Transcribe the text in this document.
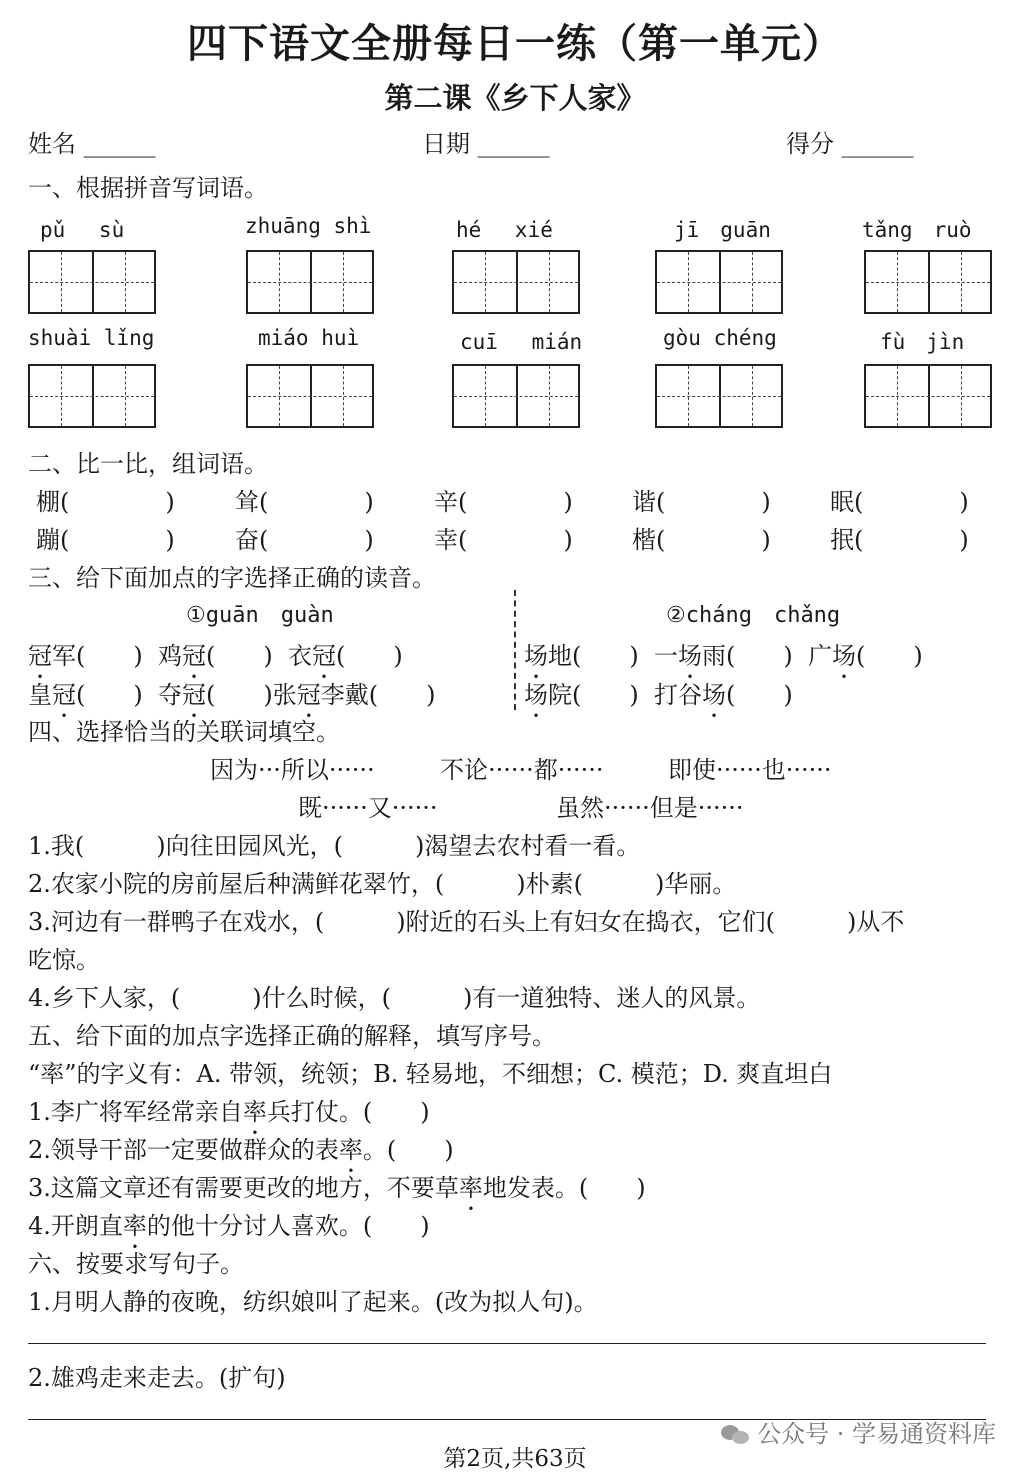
四下语文全册每日一练（第一单元）
第二课《乡下人家》
姓名 ______	日期 ______	得分 ______
一、根据拼音写词语。
pǔ　 sù	zhuāng shì	hé　 xié	jī　guān	tǎng　ruò
shuài lǐng	miáo huì	cuī　 mián	gòu chéng	fù　jìn
二、比一比，组词语。
棚(　　　　)	耸(　　　　)	辛(　　　　) 谐(　　　　) 眠(　　　　)
蹦(　　　　)	奋(　　　　)	幸(　　　　) 楷(　　　　) 抿(　　　　)
三、给下面加点的字选择正确的读音。
①guān　guàn	②cháng　chǎng
冠军(　　) 鸡冠(　　) 衣冠(　　)
皇冠(　　) 夺冠(　　)张冠李戴(　　)
场地(　　) 一场雨(　　) 广场(　　)
场院(　　) 打谷场(　　)
四、选择恰当的关联词填空。
因为···所以······	不论······都······	即使······也······
既······又······	虽然······但是······
1.我(　　　)向往田园风光，(　　　)渴望去农村看一看。
2.农家小院的房前屋后种满鲜花翠竹，(　　　)朴素(　　　)华丽。
3.河边有一群鸭子在戏水，(　　　)附近的石头上有妇女在捣衣，它们(　　　)从不
吃惊。
4.乡下人家，(　　　)什么时候，(　　　)有一道独特、迷人的风景。
五、给下面的加点字选择正确的解释，填写序号。
“率”的字义有：A. 带领，统领；B. 轻易地，不细想；C. 模范；D. 爽直坦白
1.李广将军经常亲自率兵打仗。(　　)
2.领导干部一定要做群众的表率。(　　)
3.这篇文章还有需要更改的地方，不要草率地发表。(　　)
4.开朗直率的他十分讨人喜欢。(　　)
六、按要求写句子。
1.月明人静的夜晚，纺织娘叫了起来。(改为拟人句)。
2.雄鸡走来走去。(扩句)
公众号 · 学易通资料库
第2页,共63页
